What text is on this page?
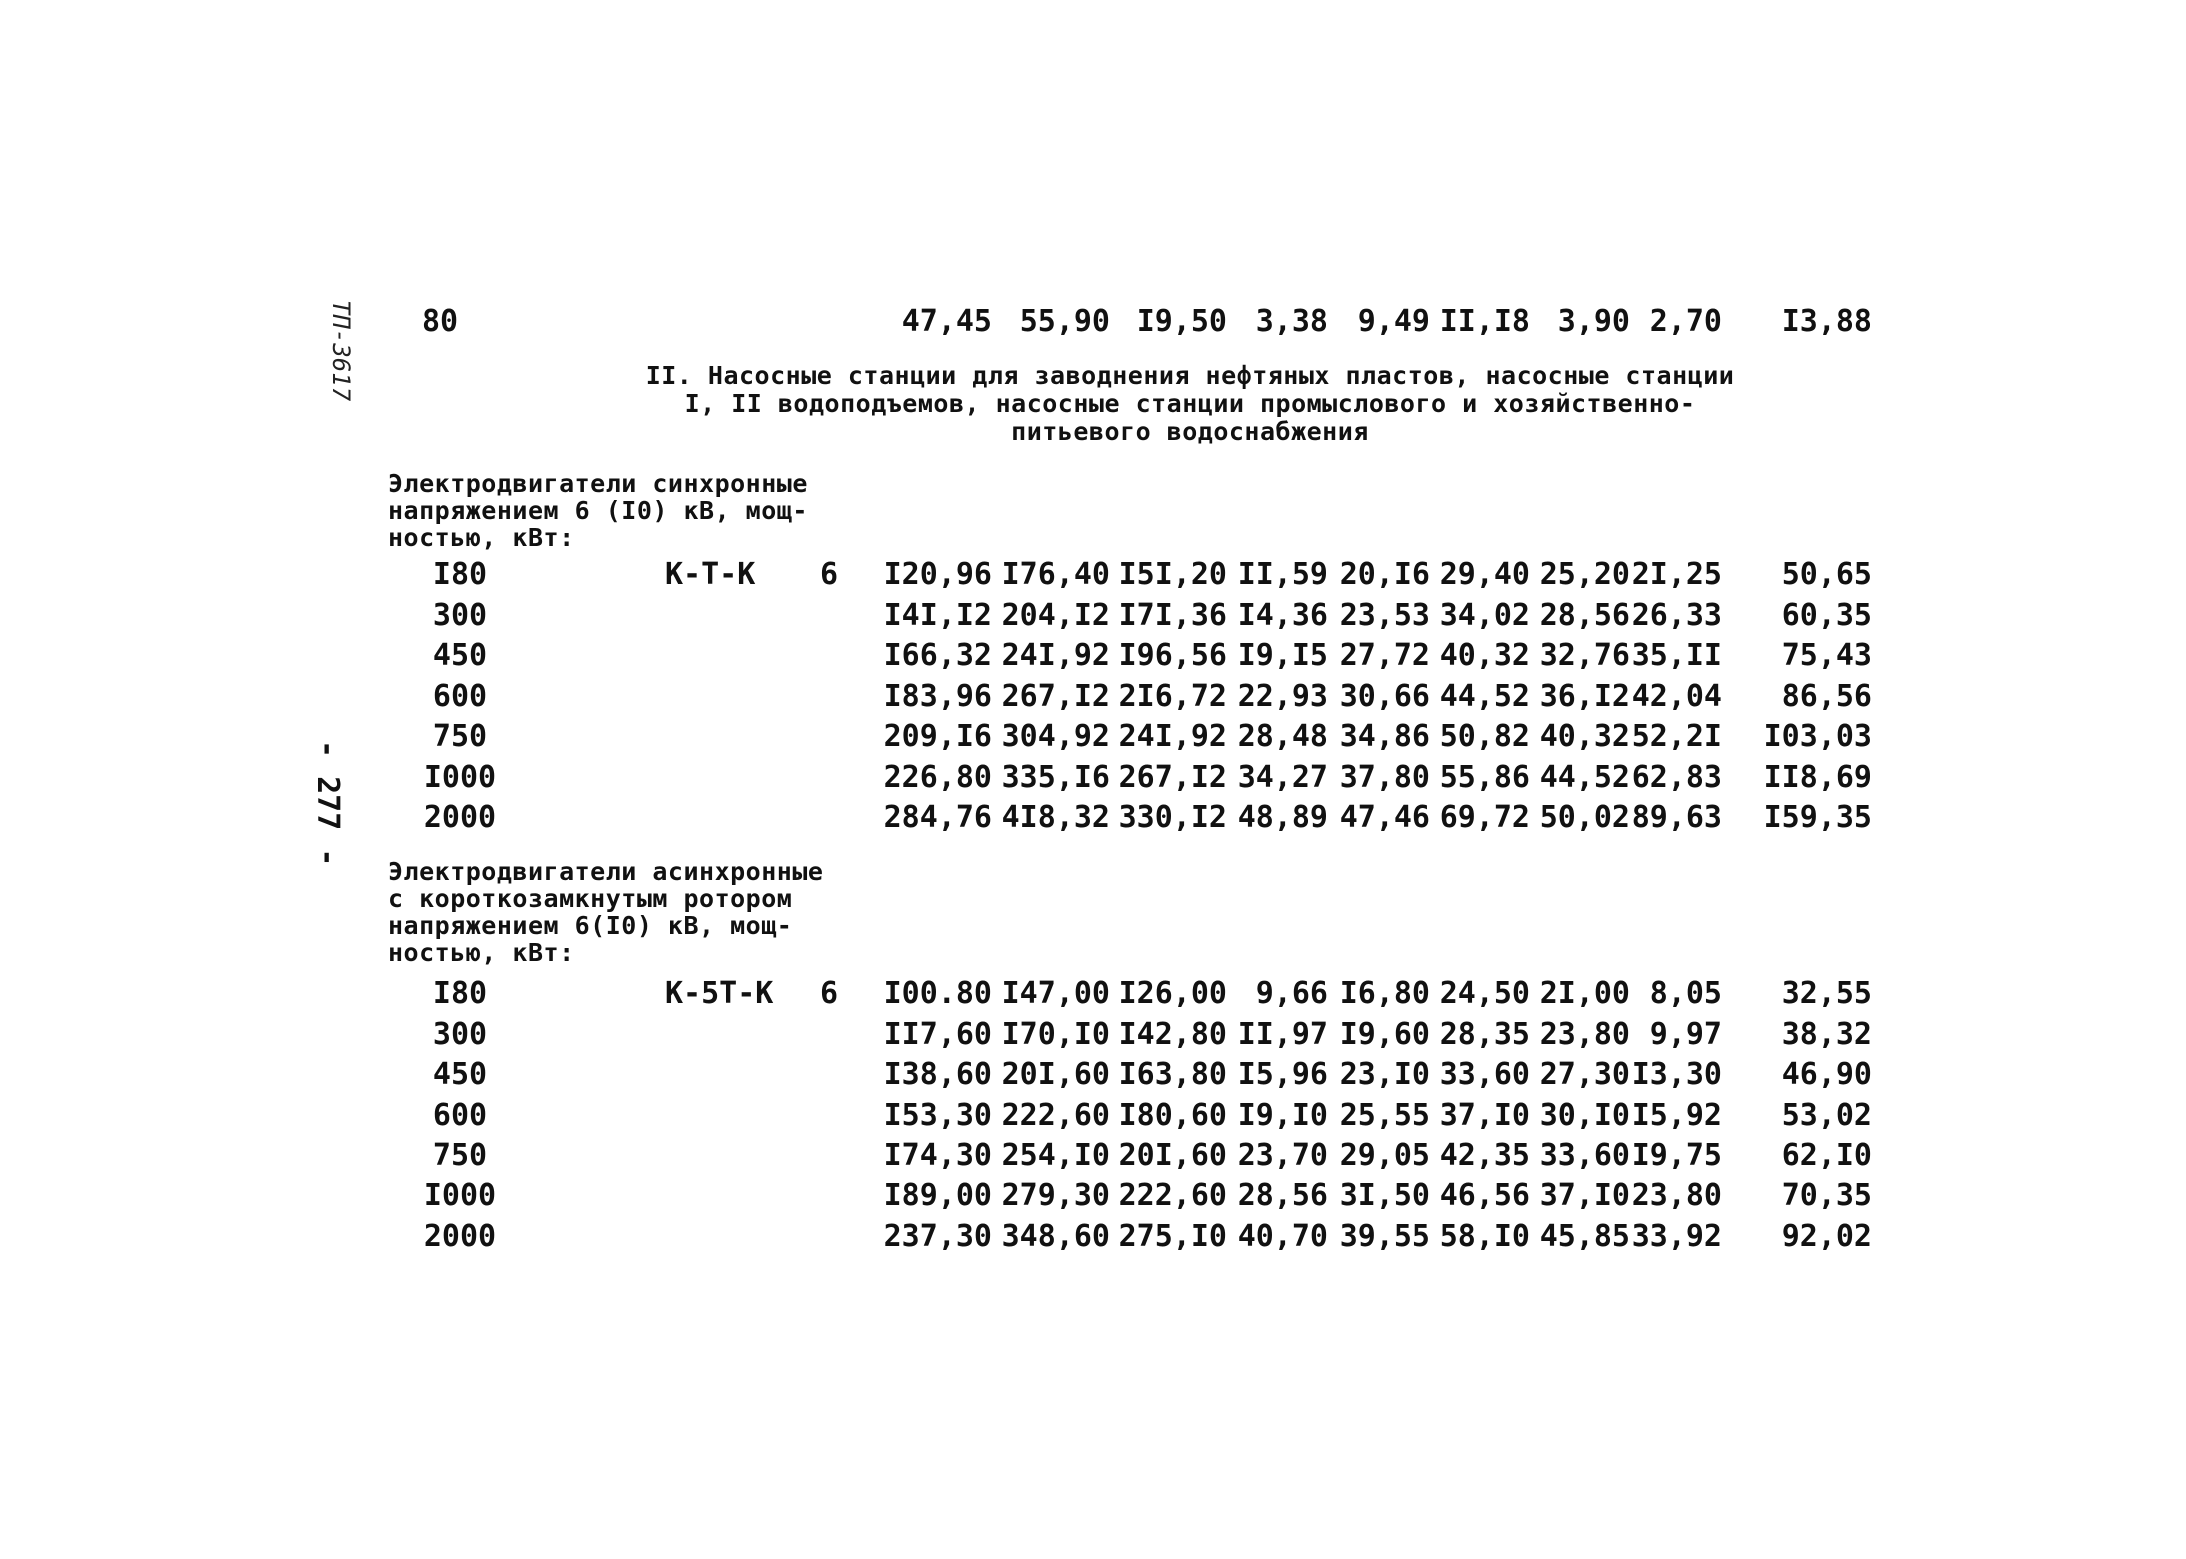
ТП-3617
- 277 -
80	47,45 55,90 I9,50 3,38 9,49 II,I8 3,90 2,70	I3,88
II. Насосные станции для заводнения нефтяных пластов, насосные станции
I, II водоподъемов, насосные станции промыслового и хозяйственно-
питьевого водоснабжения
Электродвигатели синхронные
напряжением 6 (I0) кВ, мощ-
ностью, кВт:
I80	К-Т-К	6 I20,96 I76,40 I5I,20 II,59 20,I6 29,40 25,20 2I,25	50,65
300	I4I,I2 204,I2 I7I,36 I4,36 23,53 34,02 28,56 26,33	60,35
450	I66,32 24I,92 I96,56 I9,I5 27,72 40,32 32,76 35,II	75,43
600	I83,96 267,I2 2I6,72 22,93 30,66 44,52 36,I2 42,04	86,56
750	209,I6 304,92 24I,92 28,48 34,86 50,82 40,32 52,2I I03,03
I000	226,80 335,I6 267,I2 34,27 37,80 55,86 44,52 62,83 II8,69
2000	284,76 4I8,32 330,I2 48,89 47,46 69,72 50,02 89,63 I59,35
Электродвигатели асинхронные
с короткозамкнутым ротором
напряжением 6(I0) кВ, мощ-
ностью, кВт:
I80	К-5Т-К	6 I00.80 I47,00 I26,00 9,66 I6,80 24,50 2I,00 8,05	32,55
300	II7,60 I70,I0 I42,80 II,97 I9,60 28,35 23,80 9,97	38,32
450	I38,60 20I,60 I63,80 I5,96 23,I0 33,60 27,30 I3,30	46,90
600	I53,30 222,60 I80,60 I9,I0 25,55 37,I0 30,I0 I5,92	53,02
750	I74,30 254,I0 20I,60 23,70 29,05 42,35 33,60 I9,75	62,I0
I000	I89,00 279,30 222,60 28,56 3I,50 46,56 37,I0 23,80	70,35
2000	237,30 348,60 275,I0 40,70 39,55 58,I0 45,85 33,92	92,02
